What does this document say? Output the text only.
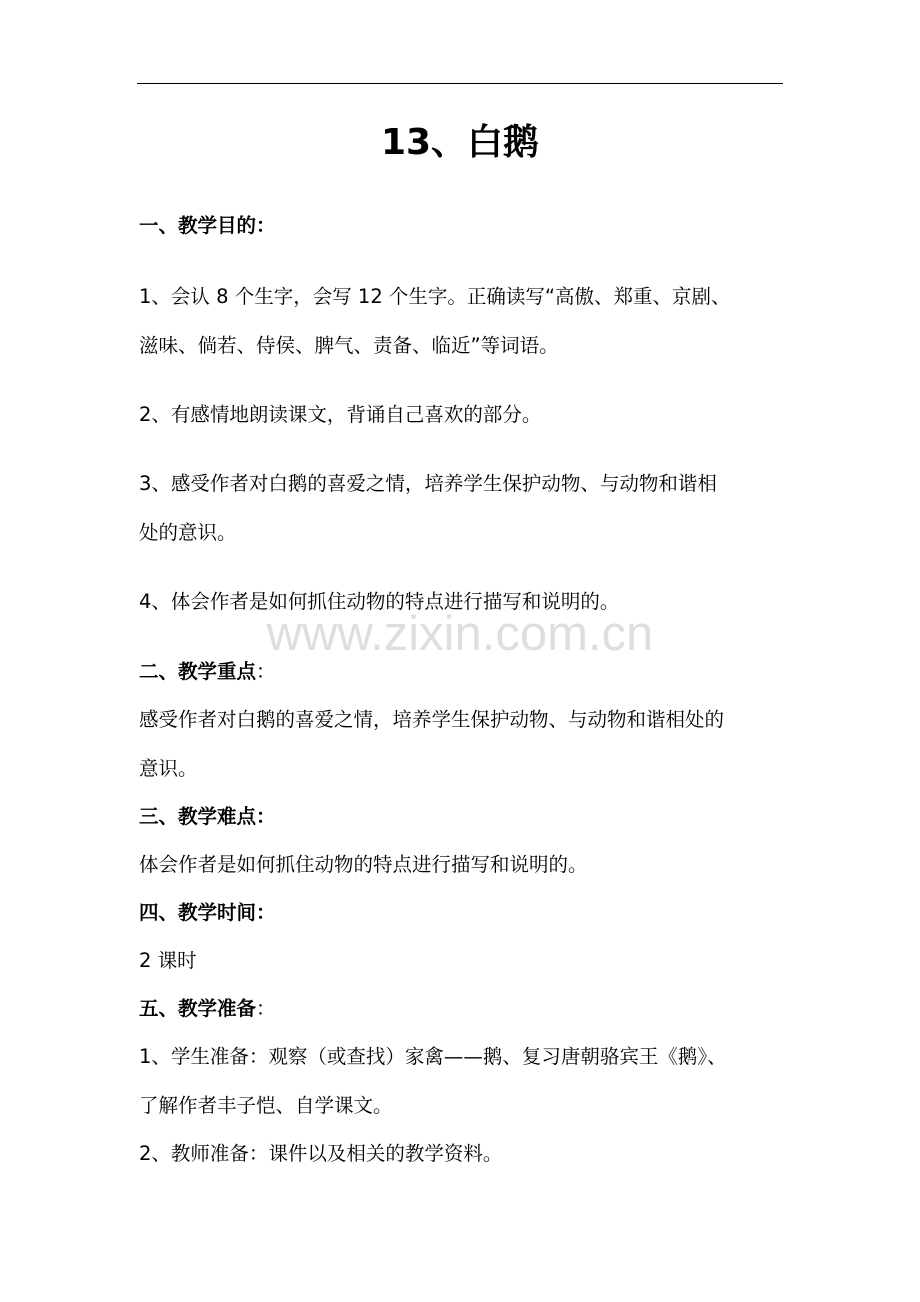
13、白鹅
一、教学目的：
1、会认 8 个生字，会写 12 个生字。正确读写“高傲、郑重、京剧、
滋味、倘若、侍侯、脾气、责备、临近”等词语。
2、有感情地朗读课文，背诵自己喜欢的部分。
3、感受作者对白鹅的喜爱之情，培养学生保护动物、与动物和谐相
处的意识。
4、体会作者是如何抓住动物的特点进行描写和说明的。
www.zixin.com.cn
二、教学重点：
感受作者对白鹅的喜爱之情，培养学生保护动物、与动物和谐相处的
意识。
三、教学难点：
体会作者是如何抓住动物的特点进行描写和说明的。
四、教学时间：
2 课时
五、教学准备：
1、学生准备：观察（或查找）家禽——鹅、复习唐朝骆宾王《鹅》、
了解作者丰子恺、自学课文。
2、教师准备：课件以及相关的教学资料。
